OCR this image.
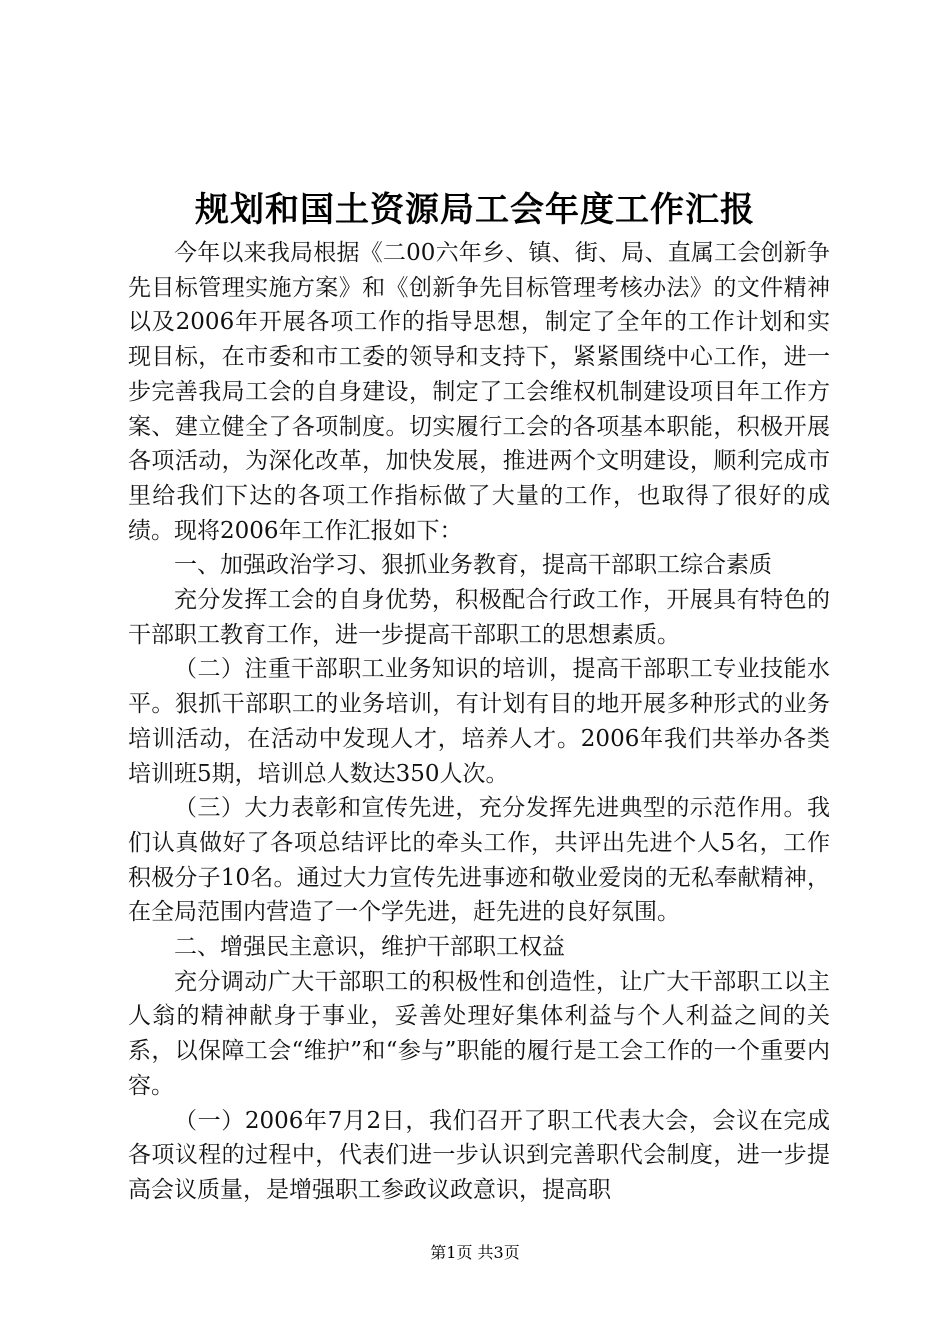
规划和国土资源局工会年度工作汇报

今年以来我局根据《二00六年乡、镇、街、局、直属工会创新争先目标管理实施方案》和《创新争先目标管理考核办法》的文件精神以及2006年开展各项工作的指导思想，制定了全年的工作计划和实现目标，在市委和市工委的领导和支持下，紧紧围绕中心工作，进一步完善我局工会的自身建设，制定了工会维权机制建设项目年工作方案、建立健全了各项制度。切实履行工会的各项基本职能，积极开展各项活动，为深化改革，加快发展，推进两个文明建设，顺利完成市里给我们下达的各项工作指标做了大量的工作，也取得了很好的成绩。现将2006年工作汇报如下：

一、加强政治学习、狠抓业务教育，提高干部职工综合素质

充分发挥工会的自身优势，积极配合行政工作，开展具有特色的干部职工教育工作，进一步提高干部职工的思想素质。

（二）注重干部职工业务知识的培训，提高干部职工专业技能水平。狠抓干部职工的业务培训，有计划有目的地开展多种形式的业务培训活动，在活动中发现人才，培养人才。2006年我们共举办各类培训班5期，培训总人数达350人次。

（三）大力表彰和宣传先进，充分发挥先进典型的示范作用。我们认真做好了各项总结评比的牵头工作，共评出先进个人5名，工作积极分子10名。通过大力宣传先进事迹和敬业爱岗的无私奉献精神，在全局范围内营造了一个学先进，赶先进的良好氛围。

二、增强民主意识，维护干部职工权益

充分调动广大干部职工的积极性和创造性，让广大干部职工以主人翁的精神献身于事业，妥善处理好集体利益与个人利益之间的关系，以保障工会“维护”和“参与”职能的履行是工会工作的一个重要内容。

（一）2006年7月2日，我们召开了职工代表大会，会议在完成各项议程的过程中，代表们进一步认识到完善职代会制度，进一步提高会议质量，是增强职工参政议政意识，提高职

第1页 共3页
